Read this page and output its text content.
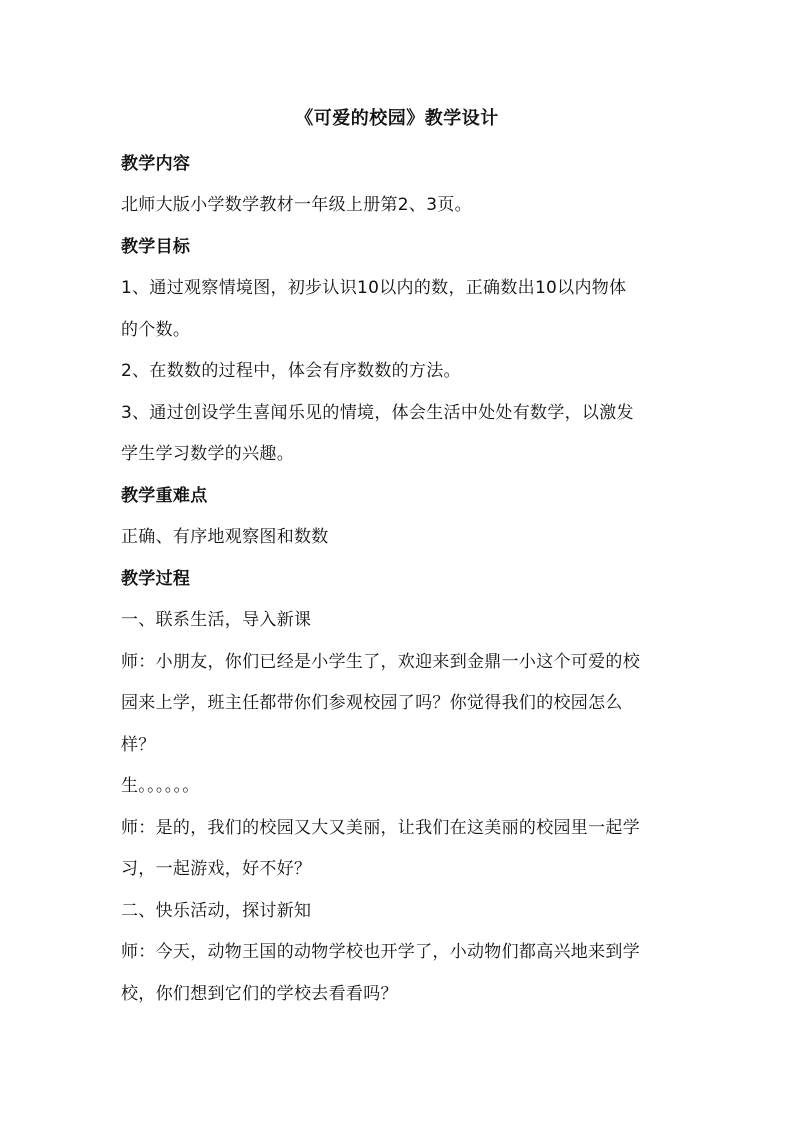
《可爱的校园》教学设计
教学内容
北师大版小学数学教材一年级上册第2、3页。
教学目标
1、通过观察情境图，初步认识10以内的数，正确数出10以内物体
的个数。
2、在数数的过程中，体会有序数数的方法。
3、通过创设学生喜闻乐见的情境，体会生活中处处有数学，以激发
学生学习数学的兴趣。
教学重难点
正确、有序地观察图和数数
教学过程
一、联系生活，导入新课
师：小朋友，你们已经是小学生了，欢迎来到金鼎一小这个可爱的校
园来上学，班主任都带你们参观校园了吗？你觉得我们的校园怎么
样？
生。。。。。。
师：是的，我们的校园又大又美丽，让我们在这美丽的校园里一起学
习，一起游戏，好不好？
二、快乐活动，探讨新知
师：今天，动物王国的动物学校也开学了，小动物们都高兴地来到学
校，你们想到它们的学校去看看吗？
